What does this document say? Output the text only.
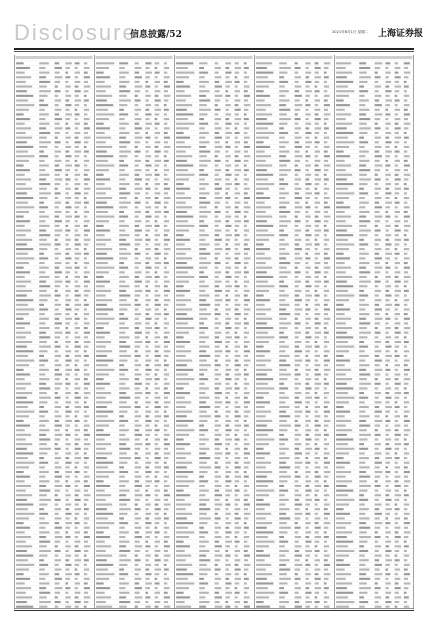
Disclosure
信息披露/52	2021年6月1日 星期二 上海证券报
